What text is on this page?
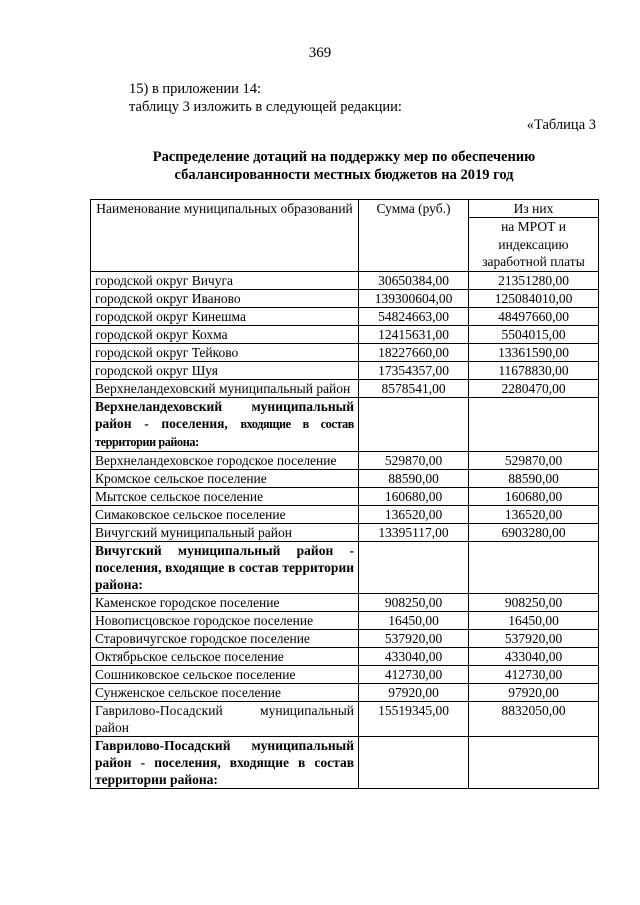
369
15) в приложении 14:
таблицу 3 изложить в следующей редакции:
«Таблица 3
Распределение дотаций на поддержку мер по обеспечению
сбалансированности местных бюджетов на 2019 год
Наименование муниципальных образований	Сумма (руб.)	Из них
		на МРОТ и индексацию заработной платы
городской округ Вичуга	30650384,00	21351280,00
городской округ Иваново	139300604,00	125084010,00
городской округ Кинешма	54824663,00	48497660,00
городской округ Кохма	12415631,00	5504015,00
городской округ Тейково	18227660,00	13361590,00
городской округ Шуя	17354357,00	11678830,00
Верхнеландеховский муниципальный район	8578541,00	2280470,00
Верхнеландеховский муниципальный район - поселения, входящие в состав территории района:		
Верхнеландеховское городское поселение	529870,00	529870,00
Кромское сельское поселение	88590,00	88590,00
Мытское сельское поселение	160680,00	160680,00
Симаковское сельское поселение	136520,00	136520,00
Вичугский муниципальный район	13395117,00	6903280,00
Вичугский муниципальный район - поселения, входящие в состав территории района:		
Каменское городское поселение	908250,00	908250,00
Новописцовское городское поселение	16450,00	16450,00
Старовичугское городское поселение	537920,00	537920,00
Октябрьское сельское поселение	433040,00	433040,00
Сошниковское сельское поселение	412730,00	412730,00
Сунженское сельское поселение	97920,00	97920,00
Гаврилово-Посадский муниципальный район	15519345,00	8832050,00
Гаврилово-Посадский муниципальный район - поселения, входящие в состав территории района:		
